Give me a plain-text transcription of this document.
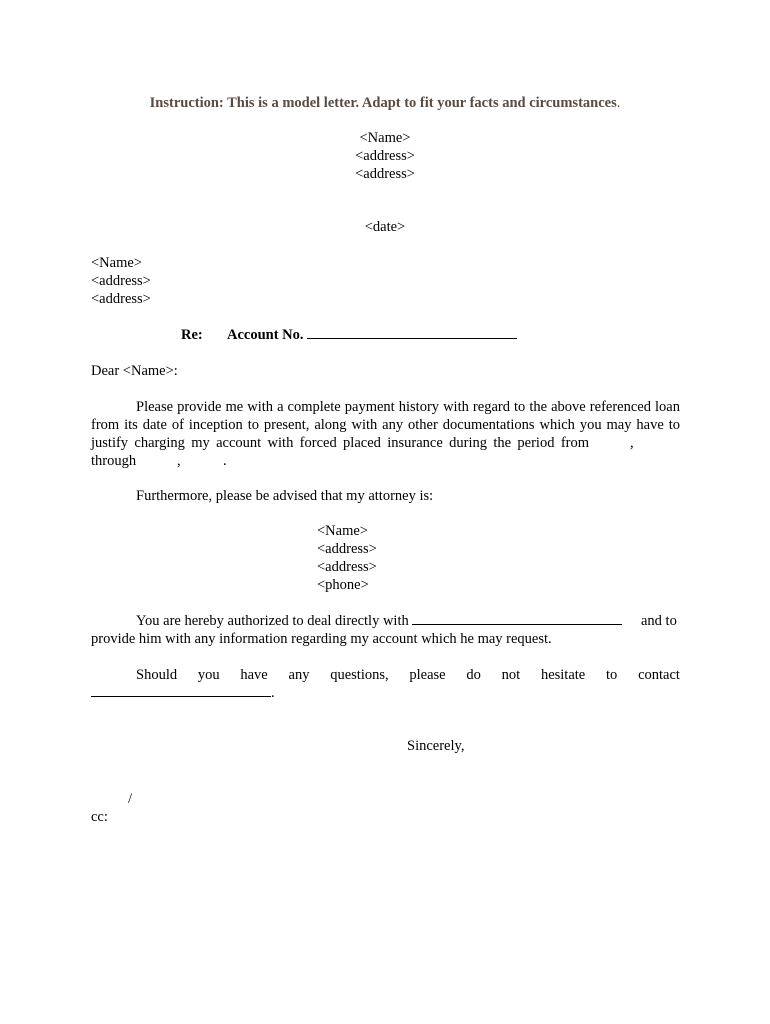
Instruction: This is a model letter. Adapt to fit your facts and circumstances.
<Name>
<address>
<address>
<date>
<Name>
<address>
<address>
Re: Account No.
Dear <Name>:
Please provide me with a complete payment history with regard to the above referenced loan
from its date of inception to present, along with any other documentations which you may have to
justify charging my account with forced placed insurance during the period from	,
through	,	.
Furthermore, please be advised that my attorney is:
<Name>
<address>
<address>
<phone>
You are hereby authorized to deal directly with	and to
provide him with any information regarding my account which he may request.
Should you have any questions, please do not hesitate to contact
.
Sincerely,
/
cc:
